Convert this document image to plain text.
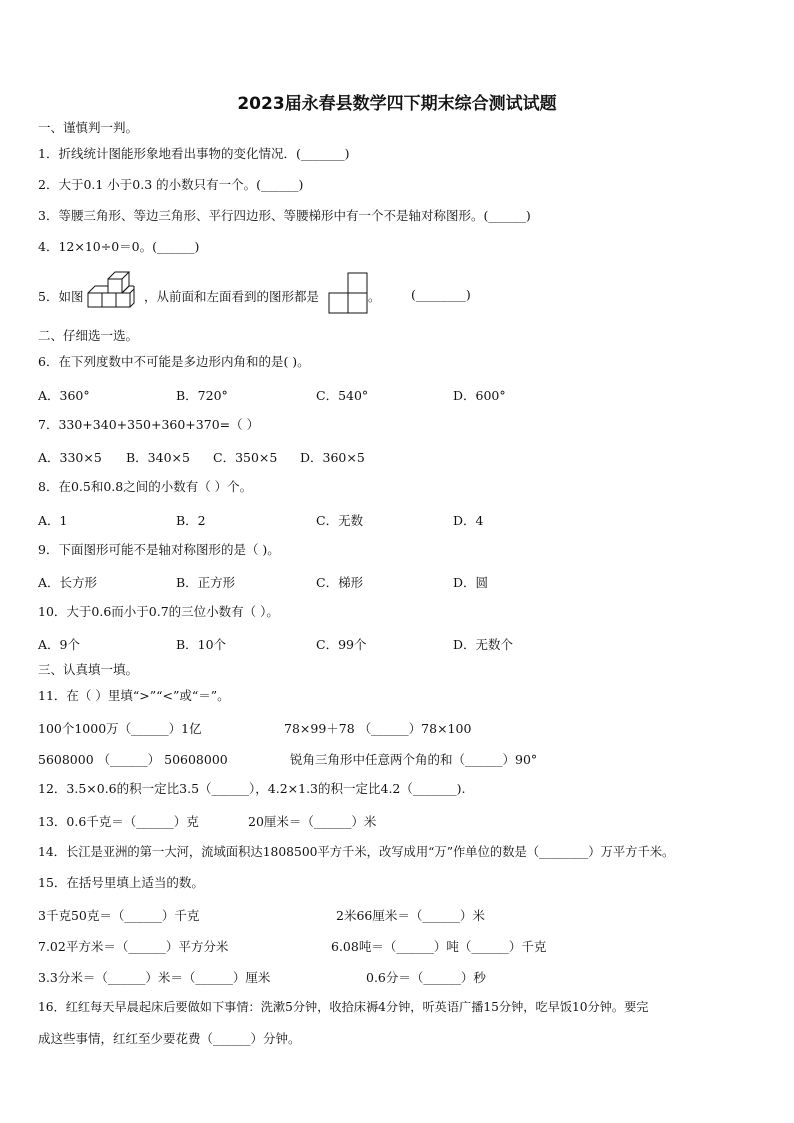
2023届永春县数学四下期末综合测试试题
一、谨慎判一判。
1．折线统计图能形象地看出事物的变化情况．(_______)
2．大于0.1 小于0.3 的小数只有一个。(______)
3．等腰三角形、等边三角形、平行四边形、等腰梯形中有一个不是轴对称图形。(______)
4．12×10÷0＝0。(______)
5．如图	，从前面和左面看到的图形都是	。 (________)
二、仔细选一选。
6．在下列度数中不可能是多边形内角和的是( )。
A．360°	B．720°	C．540°	D．600°
7．330+340+350+360+370=（ ）
A．330×5 B．340×5 C．350×5 D．360×5
8．在0.5和0.8之间的小数有（ ）个。
A．1	B．2	C．无数	D．4
9．下面图形可能不是轴对称图形的是（ )。
A．长方形	B．正方形	C．梯形	D．圆
10．大于0.6而小于0.7的三位小数有（ ）。
A．9个	B．10个	C．99个	D．无数个
三、认真填一填。
11．在（ ）里填“>”“<”或“＝”。
100个1000万（______）1亿	78×99＋78 （______）78×100
5608000 （______） 50608000	锐角三角形中任意两个角的和（______）90°
12．3.5×0.6的积一定比3.5（______），4.2×1.3的积一定比4.2（_______).
13．0.6千克＝（______）克	20厘米＝（______）米
14．长江是亚洲的第一大河，流域面积达1808500平方千米，改写成用“万”作单位的数是（________）万平方千米。
15．在括号里填上适当的数。
3千克50克＝（______）千克	2米66厘米＝（______）米
7.02平方米＝（______）平方分米	6.08吨＝（______）吨（______）千克
3.3分米＝（______）米＝（______）厘米	0.6分＝（______）秒
16．红红每天早晨起床后要做如下事情：洗漱5分钟，收拾床褥4分钟，听英语广播15分钟，吃早饭10分钟。要完
成这些事情，红红至少要花费（______）分钟。
